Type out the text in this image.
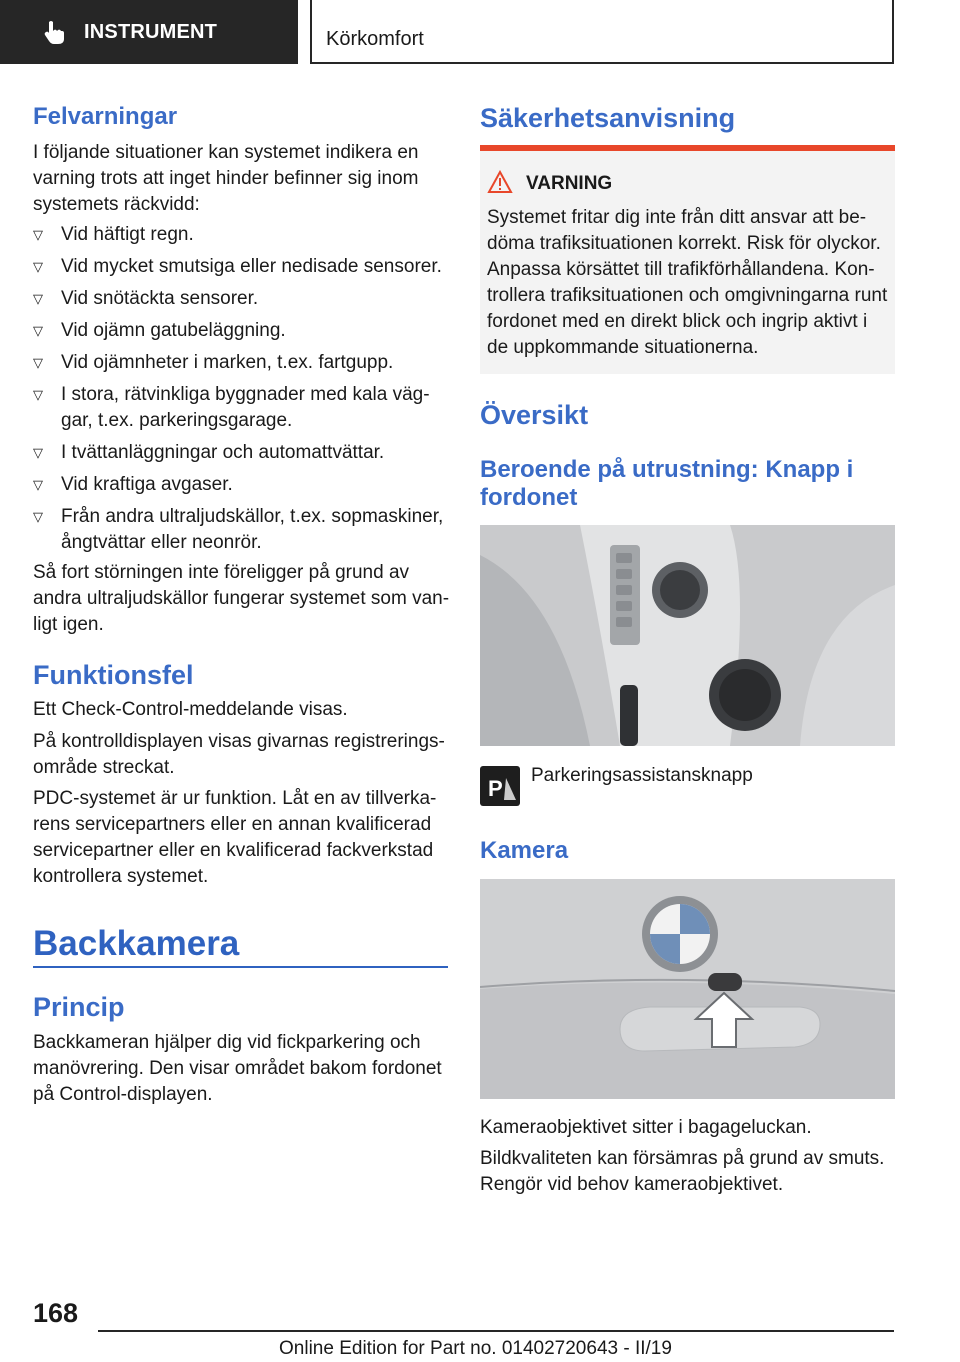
INSTRUMENT	Körkomfort
Felvarningar
I följande situationer kan systemet indikera en
varning trots att inget hinder befinner sig inom
systemets räckvidd:
▽ Vid häftigt regn.
▽ Vid mycket smutsiga eller nedisade sensorer.
▽ Vid snötäckta sensorer.
▽ Vid ojämn gatubeläggning.
▽ Vid ojämnheter i marken, t.ex. fartgupp.
▽ I stora, rätvinkliga byggnader med kala väg-
gar, t.ex. parkeringsgarage.
▽ I tvättanläggningar och automattvättar.
▽ Vid kraftiga avgaser.
▽ Från andra ultraljudskällor, t.ex. sopmaskiner,
ångtvättar eller neonrör.
Så fort störningen inte föreligger på grund av
andra ultraljudskällor fungerar systemet som van-
ligt igen.
Funktionsfel
Ett Check-Control-meddelande visas.
På kontrolldisplayen visas givarnas registrerings-
område streckat.
PDC-systemet är ur funktion. Låt en av tillverka-
rens servicepartners eller en annan kvalificerad
servicepartner eller en kvalificerad fackverkstad
kontrollera systemet.
Backkamera
Princip
Backkameran hjälper dig vid fickparkering och
manövrering. Den visar området bakom fordonet
på Control-displayen.
Säkerhetsanvisning
VARNING
Systemet fritar dig inte från ditt ansvar att be-
döma trafiksituationen korrekt. Risk för olyckor.
Anpassa körsättet till trafikförhållandena. Kon-
trollera trafiksituationen och omgivningarna runt
fordonet med en direkt blick och ingrip aktivt i
de uppkommande situationerna.
Översikt
Beroende på utrustning: Knapp i
fordonet
P
Parkeringsassistansknapp
Kamera
Kameraobjektivet sitter i bagageluckan.
Bildkvaliteten kan försämras på grund av smuts.
Rengör vid behov kameraobjektivet.
168
Online Edition for Part no. 01402720643 - II/19
